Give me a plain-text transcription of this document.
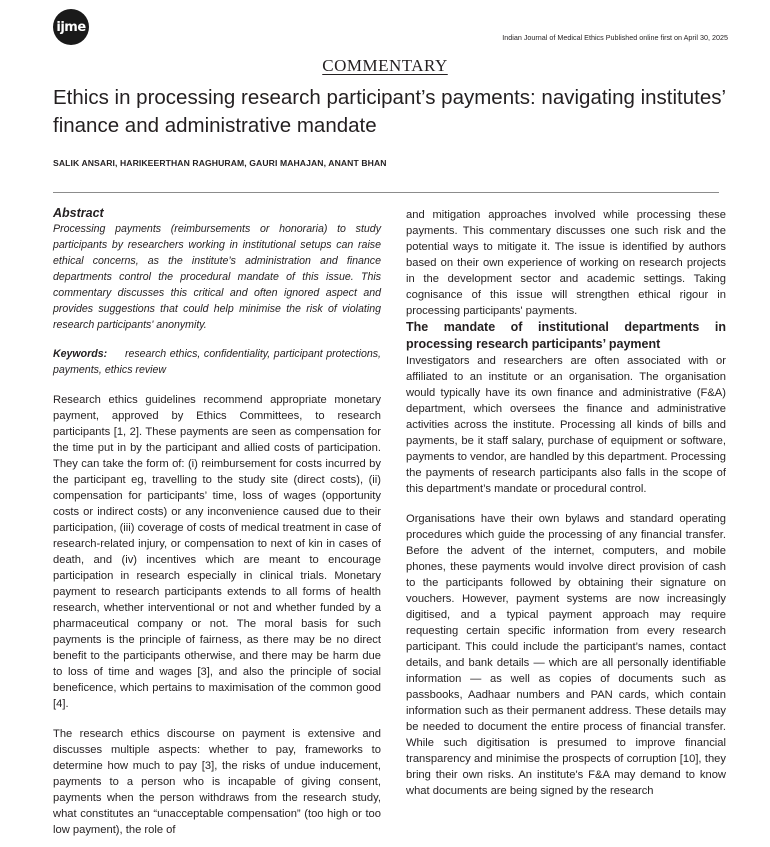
ijme
Indian Journal of Medical Ethics Published online first on April 30, 2025
COMMENTARY
Ethics in processing research participant’s payments: navigating institutes’ finance and administrative mandate
SALIK ANSARI, HARIKEERTHAN RAGHURAM, GAURI MAHAJAN, ANANT BHAN

Abstract

Processing payments (reimbursements or honoraria) to study participants by researchers working in institutional setups can raise ethical concerns, as the institute’s administration and finance departments control the procedural mandate of this issue. This commentary discusses this critical and often ignored aspect and provides suggestions that could help minimise the risk of violating research participants' anonymity.

Keywords: research ethics, confidentiality, participant protections, payments, ethics review

Research ethics guidelines recommend appropriate monetary payment, approved by Ethics Committees, to research participants [1, 2]. These payments are seen as compensation for the time put in by the participant and allied costs of participation. They can take the form of: (i) reimbursement for costs incurred by the participant eg, travelling to the study site (direct costs), (ii) compensation for participants’ time, loss of wages (opportunity costs or indirect costs) or any inconvenience caused due to their participation, (iii) coverage of costs of medical treatment in case of research-related injury, or compensation to next of kin in cases of death, and (iv) incentives which are meant to encourage participation in research especially in clinical trials. Monetary payment to research participants extends to all forms of health research, whether interventional or not and whether funded by a pharmaceutical company or not. The moral basis for such payments is the principle of fairness, as there may be no direct benefit to the participants otherwise, and there may be harm due to loss of time and wages [3], and also the principle of social beneficence, which pertains to maximisation of the common good [4].

The research ethics discourse on payment is extensive and discusses multiple aspects: whether to pay, frameworks to determine how much to pay [3], the risks of undue inducement, payments to a person who is incapable of giving consent, payments when the person withdraws from the research study, what constitutes an “unacceptable compensation” (too high or too low payment), the role of

and mitigation approaches involved while processing these payments. This commentary discusses one such risk and the potential ways to mitigate it. The issue is identified by authors based on their own experience of working on research projects in the development sector and academic settings. Taking cognisance of this issue will strengthen ethical rigour in processing participants' payments.

The mandate of institutional departments in processing research participants’ payment

Investigators and researchers are often associated with or affiliated to an institute or an organisation. The organisation would typically have its own finance and administrative (F&A) department, which oversees the finance and administrative activities across the institute. Processing all kinds of bills and payments, be it staff salary, purchase of equipment or software, payments to vendor, are handled by this department. Processing the payments of research participants also falls in the scope of this department’s mandate or procedural control.

Organisations have their own bylaws and standard operating procedures which guide the processing of any financial transfer. Before the advent of the internet, computers, and mobile phones, these payments would involve direct provision of cash to the participants followed by obtaining their signature on vouchers. However, payment systems are now increasingly digitised, and a typical payment approach may require requesting certain specific information from every research participant. This could include the participant’s names, contact details, and bank details — which are all personally identifiable information — as well as copies of documents such as passbooks, Aadhaar numbers and PAN cards, which contain information such as their permanent address. These details may be needed to document the entire process of financial transfer. While such digitisation is presumed to improve financial transparency and minimise the prospects of corruption [10], they bring their own risks. An institute's F&A may demand to know what documents are being signed by the research
